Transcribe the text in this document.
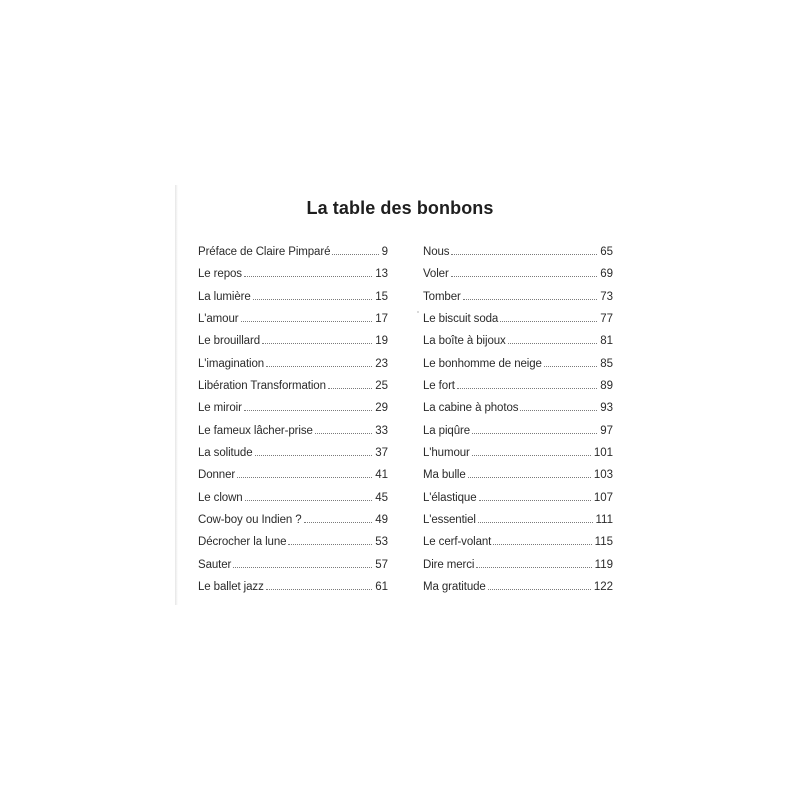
La table des bonbons
Préface de Claire Pimparé	9
Le repos	13
La lumière	15
L'amour	17
Le brouillard	19
L'imagination	23
Libération Transformation	25
Le miroir	29
Le fameux lâcher-prise	33
La solitude	37
Donner	41
Le clown	45
Cow-boy ou Indien ?	49
Décrocher la lune	53
Sauter	57
Le ballet jazz	61
Nous	65
Voler	69
Tomber	73
Le biscuit soda	77
La boîte à bijoux	81
Le bonhomme de neige	85
Le fort	89
La cabine à photos	93
La piqûre	97
L'humour	101
Ma bulle	103
L'élastique	107
L'essentiel	111
Le cerf-volant	115
Dire merci	119
Ma gratitude	122
